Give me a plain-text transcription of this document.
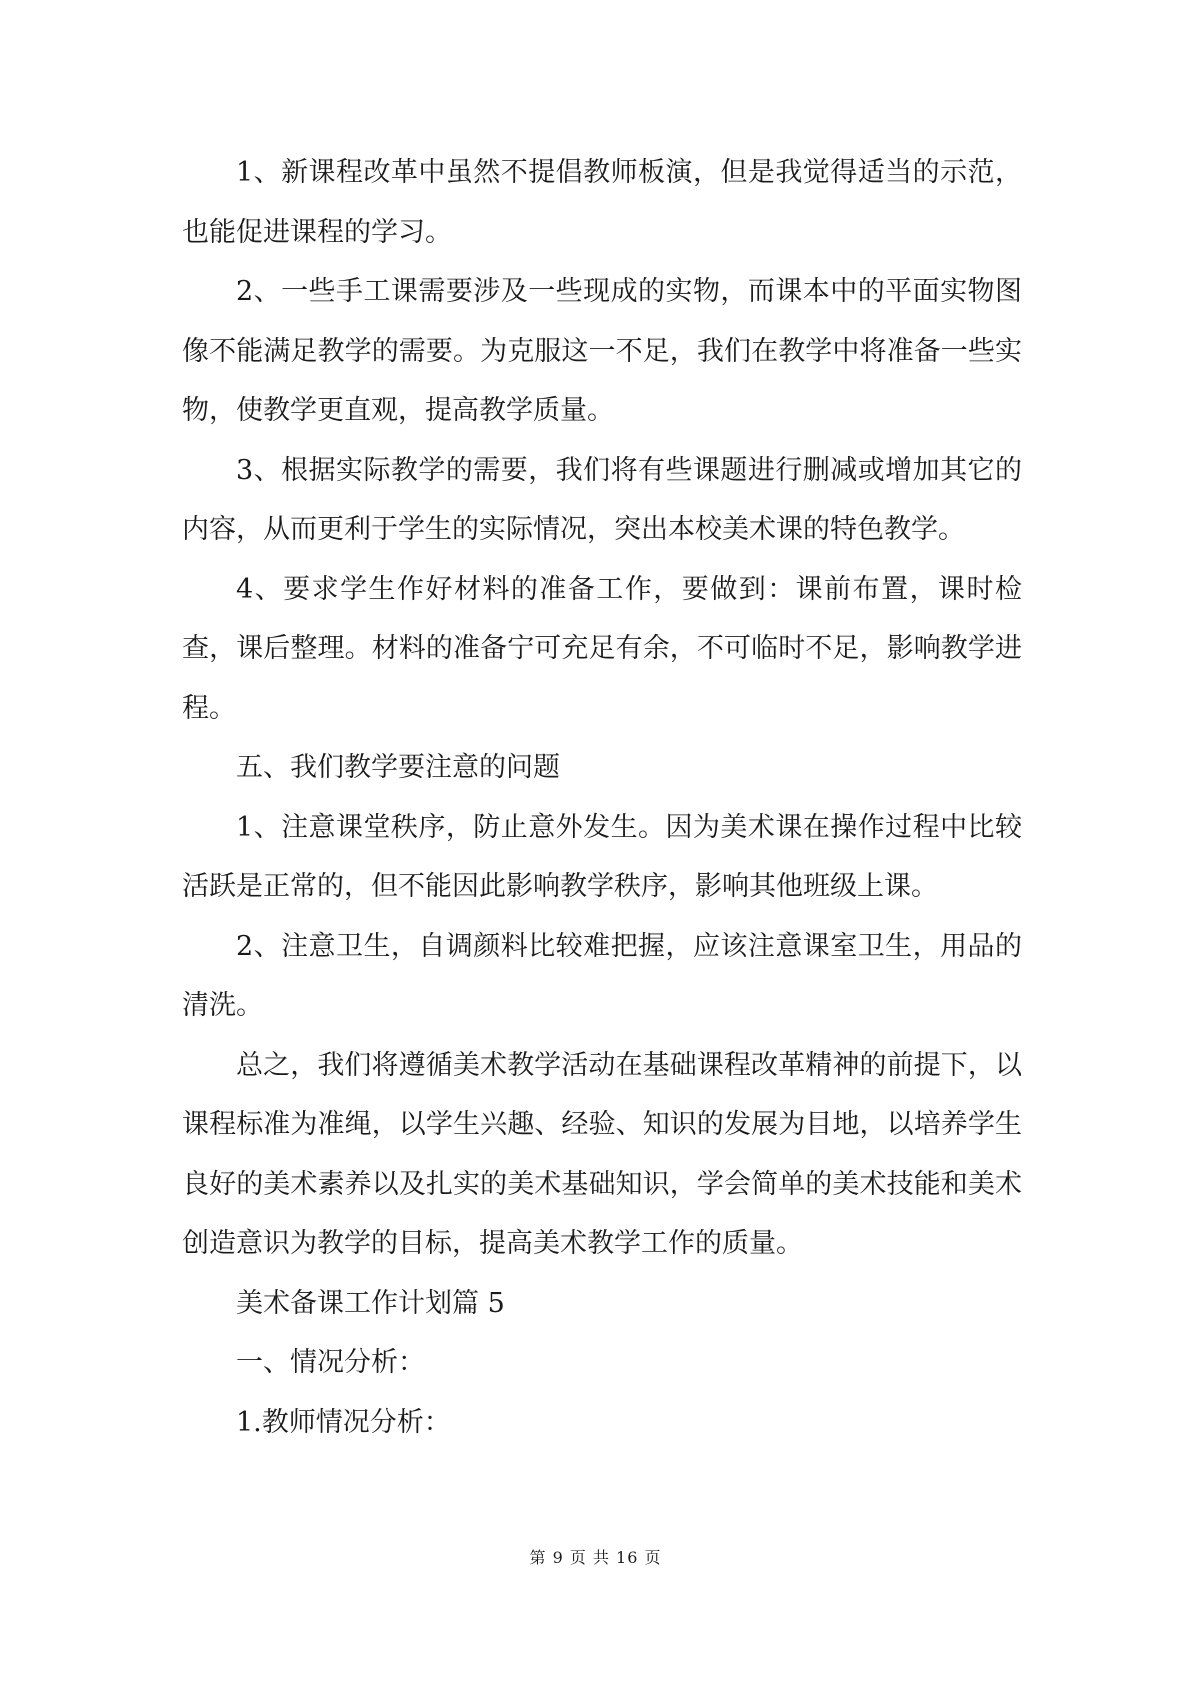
1、新课程改革中虽然不提倡教师板演，但是我觉得适当的示范，也能促进课程的学习。

2、一些手工课需要涉及一些现成的实物，而课本中的平面实物图像不能满足教学的需要。为克服这一不足，我们在教学中将准备一些实物，使教学更直观，提高教学质量。

3、根据实际教学的需要，我们将有些课题进行删减或增加其它的内容，从而更利于学生的实际情况，突出本校美术课的特色教学。

4、要求学生作好材料的准备工作，要做到：课前布置，课时检查，课后整理。材料的准备宁可充足有余，不可临时不足，影响教学进程。

五、我们教学要注意的问题

1、注意课堂秩序，防止意外发生。因为美术课在操作过程中比较活跃是正常的，但不能因此影响教学秩序，影响其他班级上课。

2、注意卫生，自调颜料比较难把握，应该注意课室卫生，用品的清洗。

总之，我们将遵循美术教学活动在基础课程改革精神的前提下，以课程标准为准绳，以学生兴趣、经验、知识的发展为目地，以培养学生良好的美术素养以及扎实的美术基础知识，学会简单的美术技能和美术创造意识为教学的目标，提高美术教学工作的质量。

美术备课工作计划篇 5

一、情况分析：

1.教师情况分析：

第 9 页 共 16 页
